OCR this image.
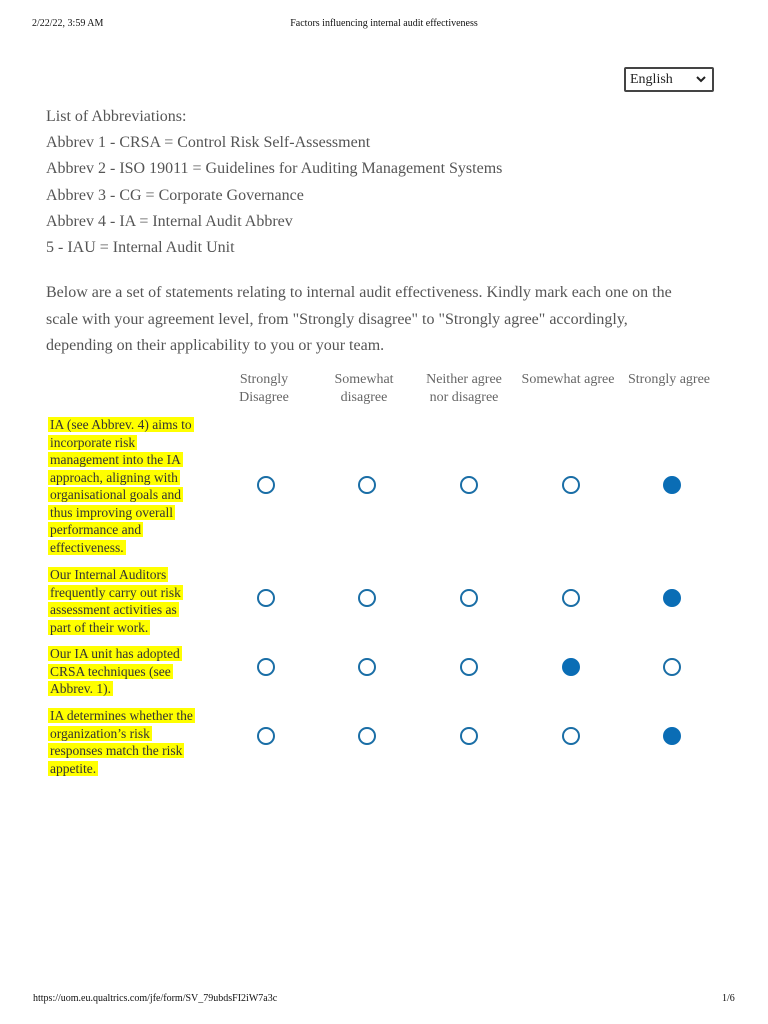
2/22/22, 3:59 AM	Factors influencing internal audit effectiveness
English
List of Abbreviations:
Abbrev 1 - CRSA = Control Risk Self-Assessment
Abbrev 2 - ISO 19011 = Guidelines for Auditing Management Systems
Abbrev 3 - CG = Corporate Governance
Abbrev 4 - IA = Internal Audit Abbrev
5 - IAU = Internal Audit Unit
Below are a set of statements relating to internal audit effectiveness. Kindly mark each one on the scale with your agreement level, from "Strongly disagree" to "Strongly agree" accordingly, depending on their applicability to you or your team.
Strongly Disagree
Somewhat disagree
Neither agree nor disagree
Somewhat agree Strongly agree
IA (see Abbrev. 4) aims to incorporate risk management into the IA approach, aligning with organisational goals and thus improving overall performance and effectiveness.
Our Internal Auditors frequently carry out risk assessment activities as part of their work.
Our IA unit has adopted CRSA techniques (see Abbrev. 1).
IA determines whether the organization’s risk responses match the risk appetite.
https://uom.eu.qualtrics.com/jfe/form/SV_79ubdsFI2iW7a3c	1/6
